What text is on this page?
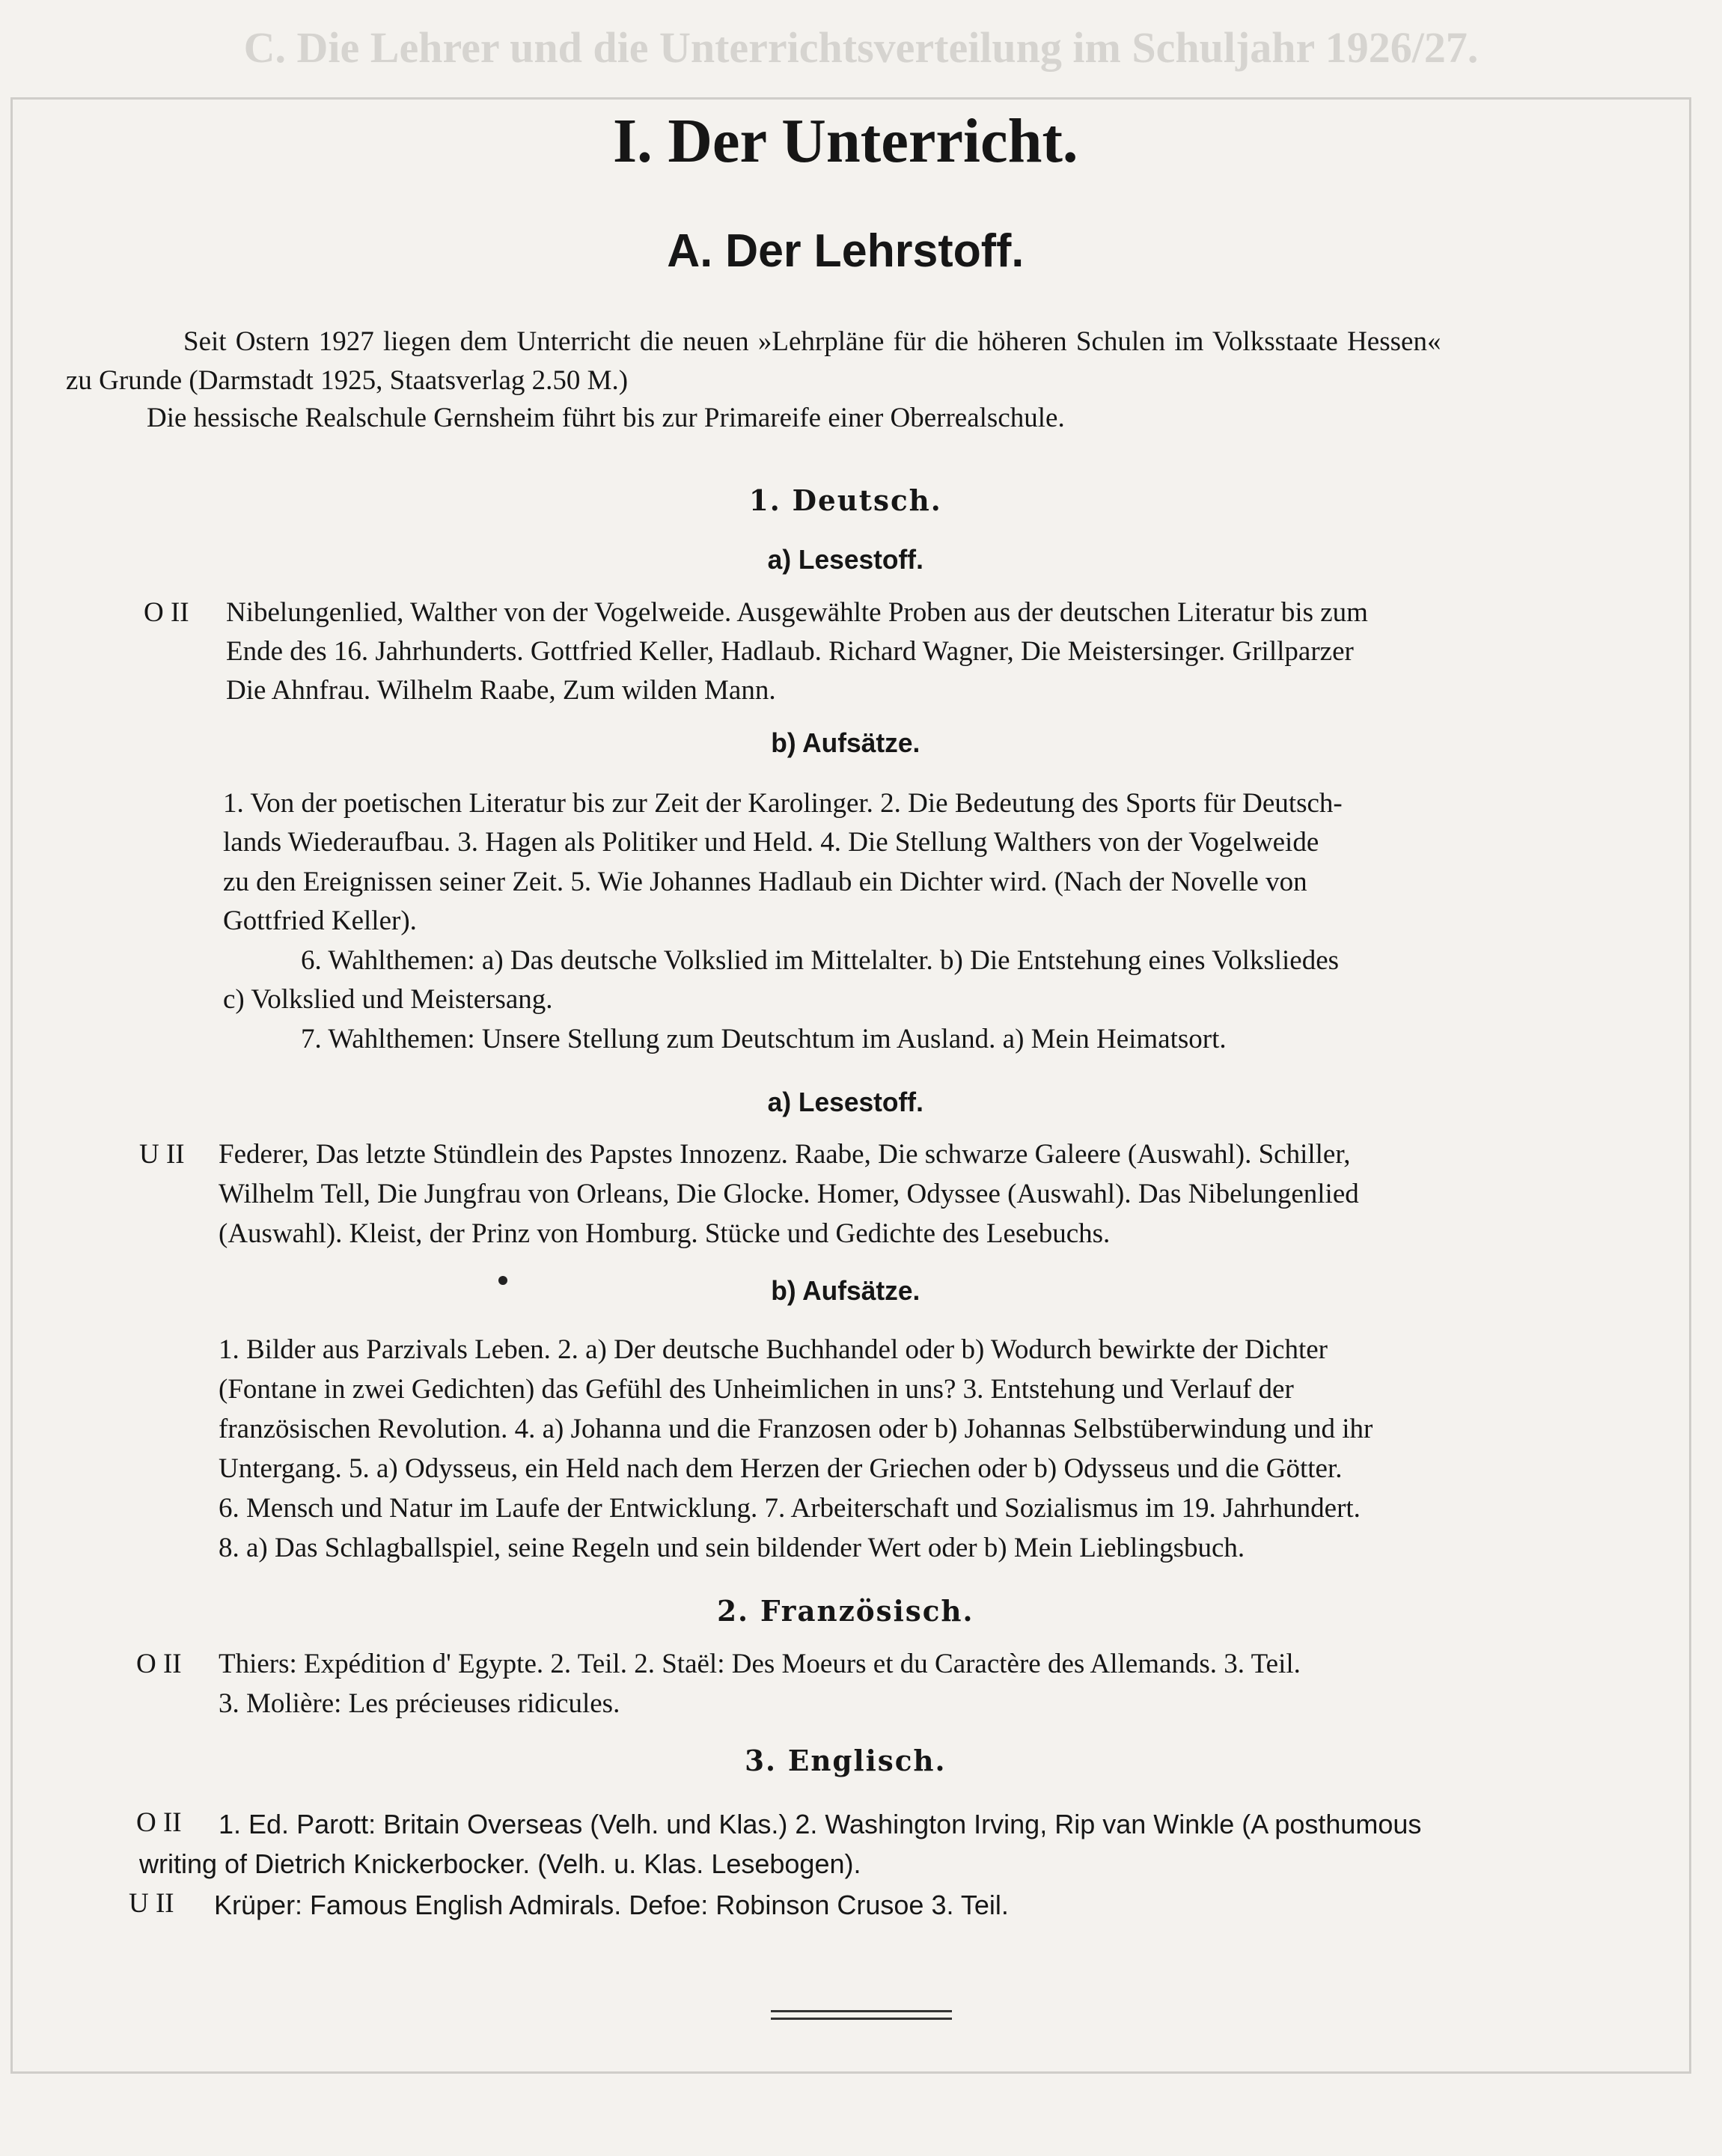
C. Die Lehrer und die Unterrichtsverteilung im Schuljahr 1926/27.
I. Der Unterricht.
A. Der Lehrstoff.
Seit Ostern 1927 liegen dem Unterricht die neuen »Lehrpläne für die höheren Schulen im Volksstaate Hessen«
zu Grunde (Darmstadt 1925, Staatsverlag 2.50 M.)
Die hessische Realschule Gernsheim führt bis zur Primareife einer Oberrealschule.
1. Deutsch.
a) Lesestoff.
O II Nibelungenlied, Walther von der Vogelweide. Ausgewählte Proben aus der deutschen Literatur bis zum
Ende des 16. Jahrhunderts. Gottfried Keller, Hadlaub. Richard Wagner, Die Meistersinger. Grillparzer
Die Ahnfrau. Wilhelm Raabe, Zum wilden Mann.
b) Aufsätze.
1. Von der poetischen Literatur bis zur Zeit der Karolinger. 2. Die Bedeutung des Sports für Deutsch-
lands Wiederaufbau. 3. Hagen als Politiker und Held. 4. Die Stellung Walthers von der Vogelweide
zu den Ereignissen seiner Zeit. 5. Wie Johannes Hadlaub ein Dichter wird. (Nach der Novelle von
Gottfried Keller).
6. Wahlthemen: a) Das deutsche Volkslied im Mittelalter. b) Die Entstehung eines Volksliedes
c) Volkslied und Meistersang.
7. Wahlthemen: Unsere Stellung zum Deutschtum im Ausland. a) Mein Heimatsort.
a) Lesestoff.
U II Federer, Das letzte Stündlein des Papstes Innozenz. Raabe, Die schwarze Galeere (Auswahl). Schiller,
Wilhelm Tell, Die Jungfrau von Orleans, Die Glocke. Homer, Odyssee (Auswahl). Das Nibelungenlied
(Auswahl). Kleist, der Prinz von Homburg. Stücke und Gedichte des Lesebuchs.
b) Aufsätze.
1. Bilder aus Parzivals Leben. 2. a) Der deutsche Buchhandel oder b) Wodurch bewirkte der Dichter
(Fontane in zwei Gedichten) das Gefühl des Unheimlichen in uns? 3. Entstehung und Verlauf der
französischen Revolution. 4. a) Johanna und die Franzosen oder b) Johannas Selbstüberwindung und ihr
Untergang. 5. a) Odysseus, ein Held nach dem Herzen der Griechen oder b) Odysseus und die Götter.
6. Mensch und Natur im Laufe der Entwicklung. 7. Arbeiterschaft und Sozialismus im 19. Jahrhundert.
8. a) Das Schlagballspiel, seine Regeln und sein bildender Wert oder b) Mein Lieblingsbuch.
2. Französisch.
O II Thiers: Expédition d' Egypte. 2. Teil. 2. Staël: Des Moeurs et du Caractère des Allemands. 3. Teil.
3. Molière: Les précieuses ridicules.
3. Englisch.
O II 1. Ed. Parott: Britain Overseas (Velh. und Klas.) 2. Washington Irving, Rip van Winkle (A posthumous
writing of Dietrich Knickerbocker. (Velh. u. Klas. Lesebogen).
U II Krüper: Famous English Admirals. Defoe: Robinson Crusoe 3. Teil.
